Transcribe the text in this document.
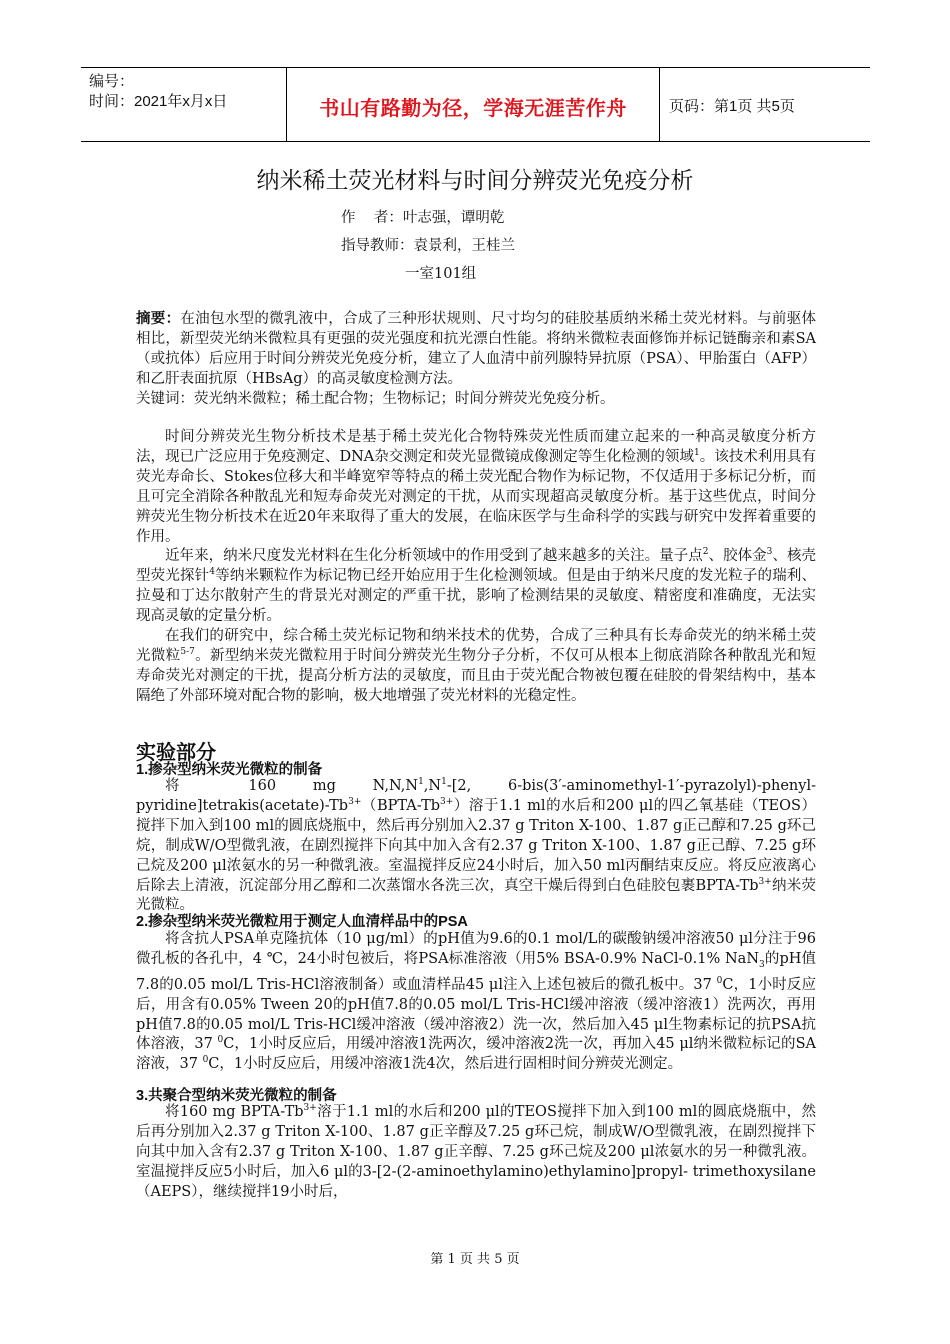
编号：
时间：2021年x月x日	书山有路勤为径，学海无涯苦作舟	页码：第1页 共5页
纳米稀土荧光材料与时间分辨荧光免疫分析
作    者：叶志强，谭明乾
指导教师：袁景利，王桂兰
一室101组

摘要：在油包水型的微乳液中，合成了三种形状规则、尺寸均匀的硅胶基质纳米稀土荧光材料。与前驱体相比，新型荧光纳米微粒具有更强的荧光强度和抗光漂白性能。将纳米微粒表面修饰并标记链酶亲和素SA（或抗体）后应用于时间分辨荧光免疫分析，建立了人血清中前列腺特异抗原（PSA）、甲胎蛋白（AFP）和乙肝表面抗原（HBsAg）的高灵敏度检测方法。

关键词：荧光纳米微粒；稀土配合物；生物标记；时间分辨荧光免疫分析。

时间分辨荧光生物分析技术是基于稀土荧光化合物特殊荧光性质而建立起来的一种高灵敏度分析方法，现已广泛应用于免疫测定、DNA杂交测定和荧光显微镜成像测定等生化检测的领域$^1$。该技术利用具有荧光寿命长、Stokes位移大和半峰宽窄等特点的稀土荧光配合物作为标记物，不仅适用于多标记分析，而且可完全消除各种散乱光和短寿命荧光对测定的干扰，从而实现超高灵敏度分析。基于这些优点，时间分辨荧光生物分析技术在近20年来取得了重大的发展，在临床医学与生命科学的实践与研究中发挥着重要的作用。

近年来，纳米尺度发光材料在生化分析领域中的作用受到了越来越多的关注。量子点$^2$、胶体金$^3$、核壳型荧光探针$^4$等纳米颗粒作为标记物已经开始应用于生化检测领域。但是由于纳米尺度的发光粒子的瑞利、拉曼和丁达尔散射产生的背景光对测定的严重干扰，影响了检测结果的灵敏度、精密度和准确度，无法实现高灵敏的定量分析。

在我们的研究中，综合稀土荧光标记物和纳米技术的优势，合成了三种具有长寿命荧光的纳米稀土荧光微粒$^{5-7}$。新型纳米荧光微粒用于时间分辨荧光生物分子分析，不仅可从根本上彻底消除各种散乱光和短寿命荧光对测定的干扰，提高分析方法的灵敏度，而且由于荧光配合物被包覆在硅胶的骨架结构中，基本隔绝了外部环境对配合物的影响，极大地增强了荧光材料的光稳定性。

实验部分
1.掺杂型纳米荧光微粒的制备

将 160 mg $N,N,N^1,N^1-[2$, $6-bis(3'-aminomethyl-1'-pyrazolyl)-phenyl-pyridine]tetrakis(acetate)-Tb^{3+}(BPTA-Tb^{3+})$溶于1.1 ml的水后和200 μl的四乙氧基硅（TEOS）搅拌下加入到100 ml的圆底烧瓶中，然后再分别加入2.37 g Triton X-100、1.87 g正己醇和7.25 g环己烷，制成W/O型微乳液，在剧烈搅拌下向其中加入含有2.37 g Triton X-100、1.87 g正己醇、7.25 g环己烷及200 μl浓氨水的另一种微乳液。室温搅拌反应24小时后，加入50 ml丙酮结束反应。将反应液离心后除去上清液，沉淀部分用乙醇和二次蒸馏水各洗三次，真空干燥后得到白色硅胶包裹BPTA-$Tb^{3+}$纳米荧光微粒。

2.掺杂型纳米荧光微粒用于测定人血清样品中的PSA

将含抗人PSA单克隆抗体（10 μg/ml）的pH值为9.6的0.1 mol/L的碳酸钠缓冲溶液50 μl分注于96微孔板的各孔中，4 ℃，24小时包被后，将PSA标准溶液（用5% BSA-0.9% NaCl-0.1% NaN$_3$的pH值7.8的0.05 mol/L Tris-HCl溶液制备）或血清样品45 μl注入上述包被后的微孔板中。37 $^0$C，1小时反应后，用含有0.05% Tween 20的pH值7.8的0.05 mol/L Tris-HCl缓冲溶液（缓冲溶液1）洗两次，再用pH值7.8的0.05 mol/L Tris-HCl缓冲溶液（缓冲溶液2）洗一次，然后加入45 μl生物素标记的抗PSA抗体溶液，37 $^0$C，1小时反应后，用缓冲溶液1洗两次，缓冲溶液2洗一次，再加入45 μl纳米微粒标记的SA溶液，37 $^0$C，1小时反应后，用缓冲溶液1洗4次，然后进行固相时间分辨荧光测定。

3.共聚合型纳米荧光微粒的制备

将160 mg BPTA-$Tb^{3+}$溶于1.1 ml的水后和200 μl的TEOS搅拌下加入到100 ml的圆底烧瓶中，然后再分别加入2.37 g Triton X-100、1.87 g正辛醇及7.25 g环己烷，制成W/O型微乳液，在剧烈搅拌下向其中加入含有2.37 g Triton X-100、1.87 g正辛醇、7.25 g环己烷及200 μl浓氨水的另一种微乳液。室温搅拌反应5小时后，加入6 μl的3-[2-(2-aminoethylamino)ethylamino]propyl- trimethoxysilane（AEPS），继续搅拌19小时后，

第 1 页 共 5 页
